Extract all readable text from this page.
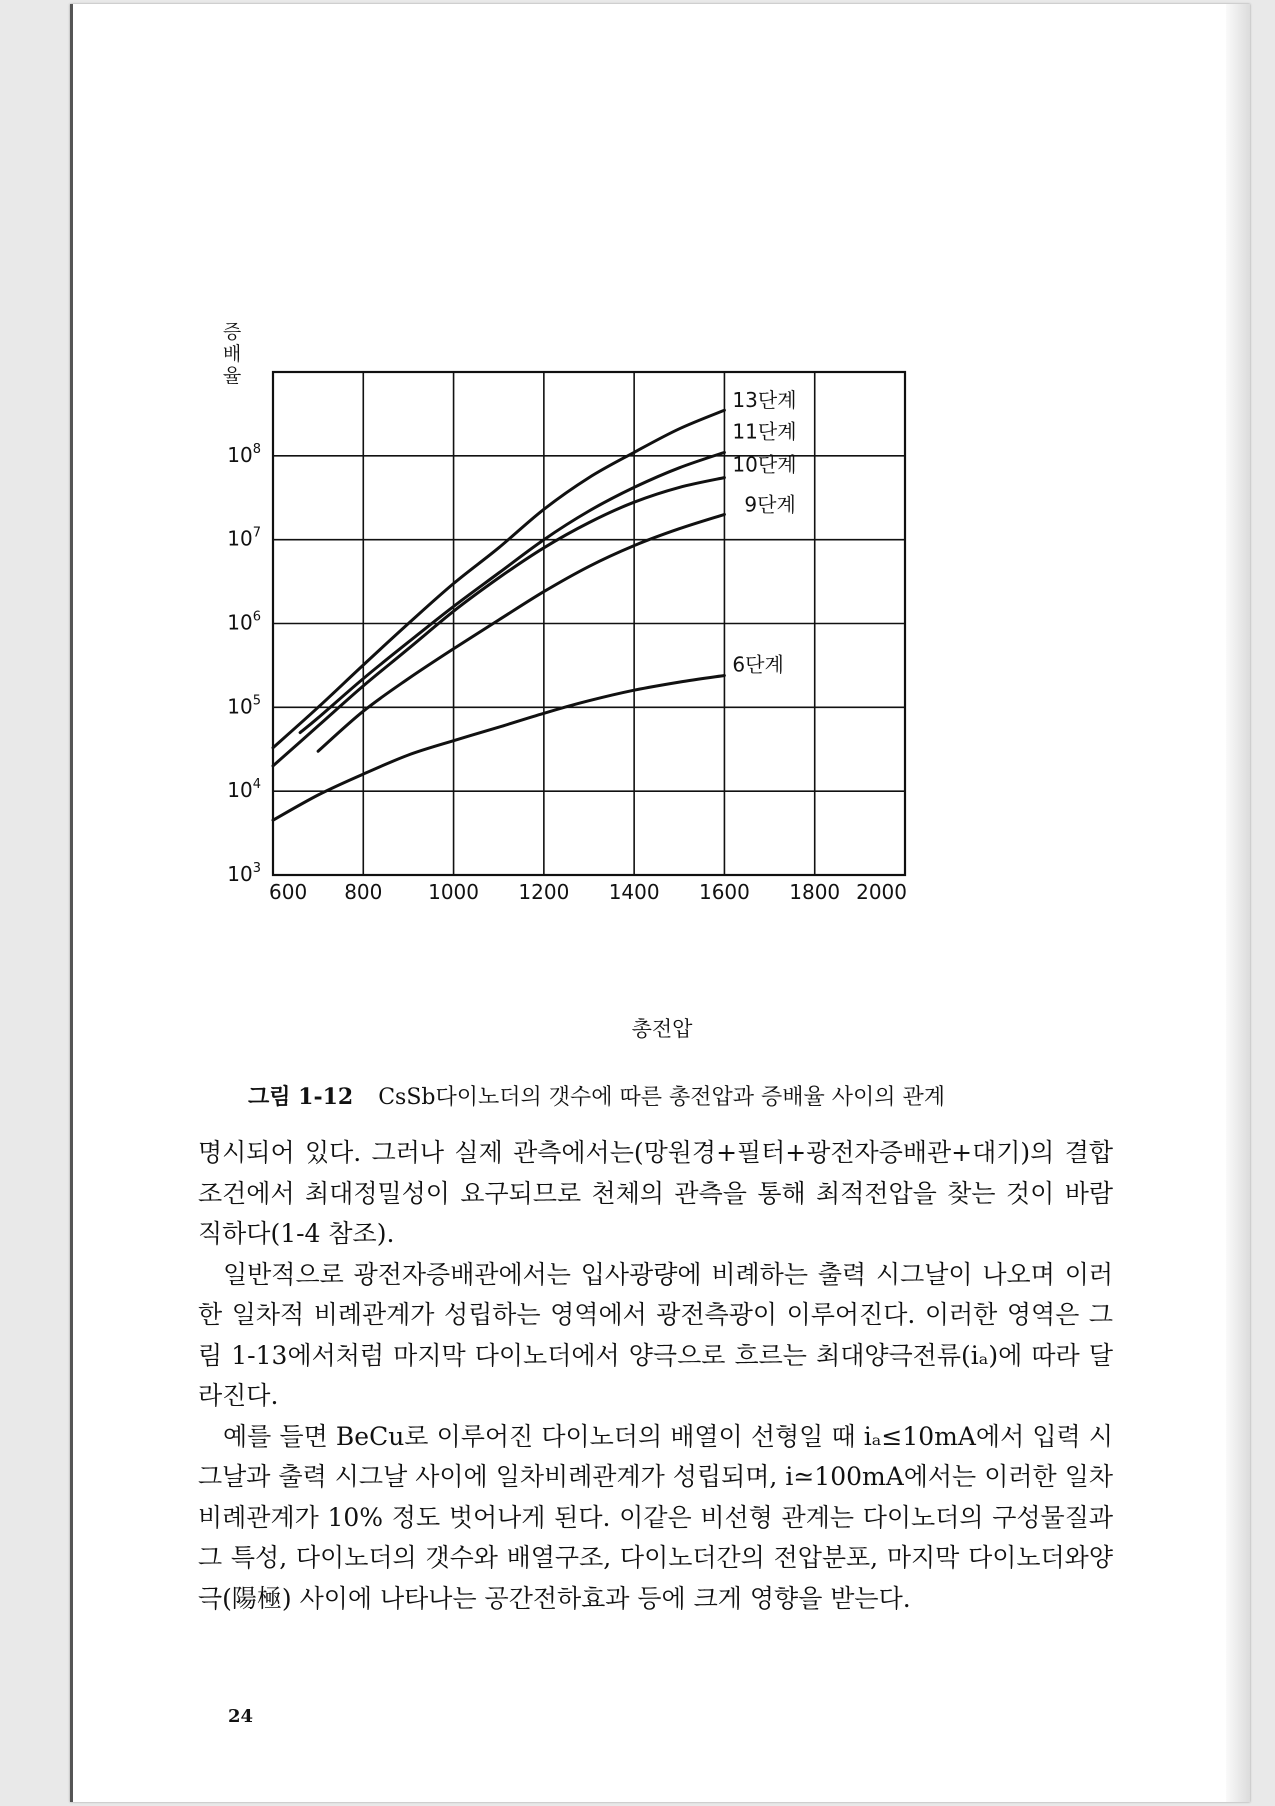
13단계
11단계
10단계
9단계
6단계
600 800 1000 1200 1400 1600 1800 2000
$10^3$
$10^4$
$10^5$
$10^6$
$10^7$
$10^8$
총전압
증
배
율
그림 1-12 CsSb다이노더의 갯수에 따른 총전압과 증배율 사이의 관계

명시되어 있다. 그러나 실제 관측에서는(망원경+필터+광전자증배관+대기)의 결합조건에서 최대정밀성이 요구되므로 천체의 관측을 통해 최적전압을 찾는 것이 바람직하다(1-4 참조).

일반적으로 광전자증배관에서는 입사광량에 비례하는 출력 시그날이 나오며 이러한 일차적 비례관계가 성립하는 영역에서 광전측광이 이루어진다. 이러한 영역은 그림 1-13에서처럼 마지막 다이노더에서 양극으로 흐르는 최대양극전류(iₐ)에 따라 달라진다.

예를 들면 BeCu로 이루어진 다이노더의 배열이 선형일 때 iₐ≤10mA에서 입력 시그날과 출력 시그날 사이에 일차비례관계가 성립되며, i≃100mA에서는 이러한 일차비례관계가 10% 정도 벗어나게 된다. 이같은 비선형 관계는 다이노더의 구성물질과 그 특성, 다이노더의 갯수와 배열구조, 다이노더간의 전압분포, 마지막 다이노더와양극(陽極) 사이에 나타나는 공간전하효과 등에 크게 영향을 받는다.

24
